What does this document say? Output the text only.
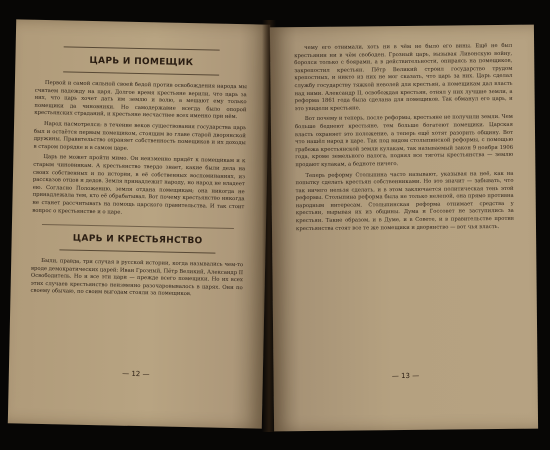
ЦАРЬ И ПОМЕЩИК

Первой и самой сильной своей бедой против освобождения народа мы считаем надежду на царя. Долгое время крестьяне верили, что царь за них, что царь хочет дать им землю и волю, а мешают ему только помещики да чиновники. Но самодержавие всегда было опорой крестьянских страданий, и крестьяне несчастнее всех именно при нём.

Народ насмотрелся: в течение веков существования государства царь был и остаётся первым помещиком, стоящим во главе старой дворянской дружины. Правительство охраняет собственность помещиков и их доходы в старом порядке и в самом царе.

Царь не может пройти мимо. Он неизменно придёт к помещикам и к старым чиновникам. А крестьянство твердо знает, какие были дела на своих собственных и по истории, в её собственных воспоминаниях, из рассказов отцов и дедов. Земля принадлежит народу, но народ не владеет ею. Согласно Положению, земля отдана помещикам; она никогда не принадлежала тем, кто её обрабатывал. Вот почему крестьянство никогда не станет рассчитывать на помощь царского правительства. И так стоит вопрос о крестьянстве и о царе.

ЦАРЬ И КРЕСТЬЯНСТВО

Были, правда, три случая в русской истории, когда назывались чем-то вроде демократических царей: Иван Грозный, Пётр Великий, Александр II Освободитель. Но и все эти цари — прежде всего помещики. Но их всех этих случаев крестьянство неизменно разочаровывалось в царях. Они по своему обычаю, по своим выгодам стояли за помещиков.

— 12 —

чему его отнимали, хоть ни в чём не было его вины. Ещё не был крестьянин ни в чём свободен. Грозный царь, вызывая Ливонскую войну, боролся только с боярами, а в действительности, опираясь на помещиков, закрепостил крестьян. Пётр Великий строил государство трудом крепостных, и никто из них не мог сказать, что царь за них. Царь сделал службу государству тяжкой неволей для крестьян, а помещикам дал власть над ними. Александр II, освобождая крестьян, отнял у них лучшие земли, а реформа 1861 года была сделана для помещиков. Так обманул его царь, и это увидели крестьяне.

Вот почему и теперь, после реформы, крестьяне не получили земли. Чем больше беднеют крестьяне, тем больше богатеют помещики. Царская власть охраняет это положение, а теперь ещё хотят разорить общину. Вот что нашёл народ в царе. Так под видом столыпинской реформы, с помощью грабежа крестьянской земли кулакам, так называемый закон 9 ноября 1906 года, кроме земельного налога, поднял все тяготы крестьянства — землю продают кулакам, а бедноте ничего.

Теперь реформу Столыпина часто называют, указывая на неё, как на попытку сделать крестьян собственниками. Но это значит — забывать, что так ничего нельзя сделать, и в этом заключается политическая тень этой реформы. Столыпина реформа была не только нелепой, она прямо противна народным интересам. Столыпинская реформа отнимает средства у крестьян, вырывая их из общины. Дума и Госсовет не заступились за крестьян. Такие образом, и в Думе, и в Совете, и в правительстве против крестьянства стоят все те же помещики и дворянство — вот чья власть.

— 13 —
